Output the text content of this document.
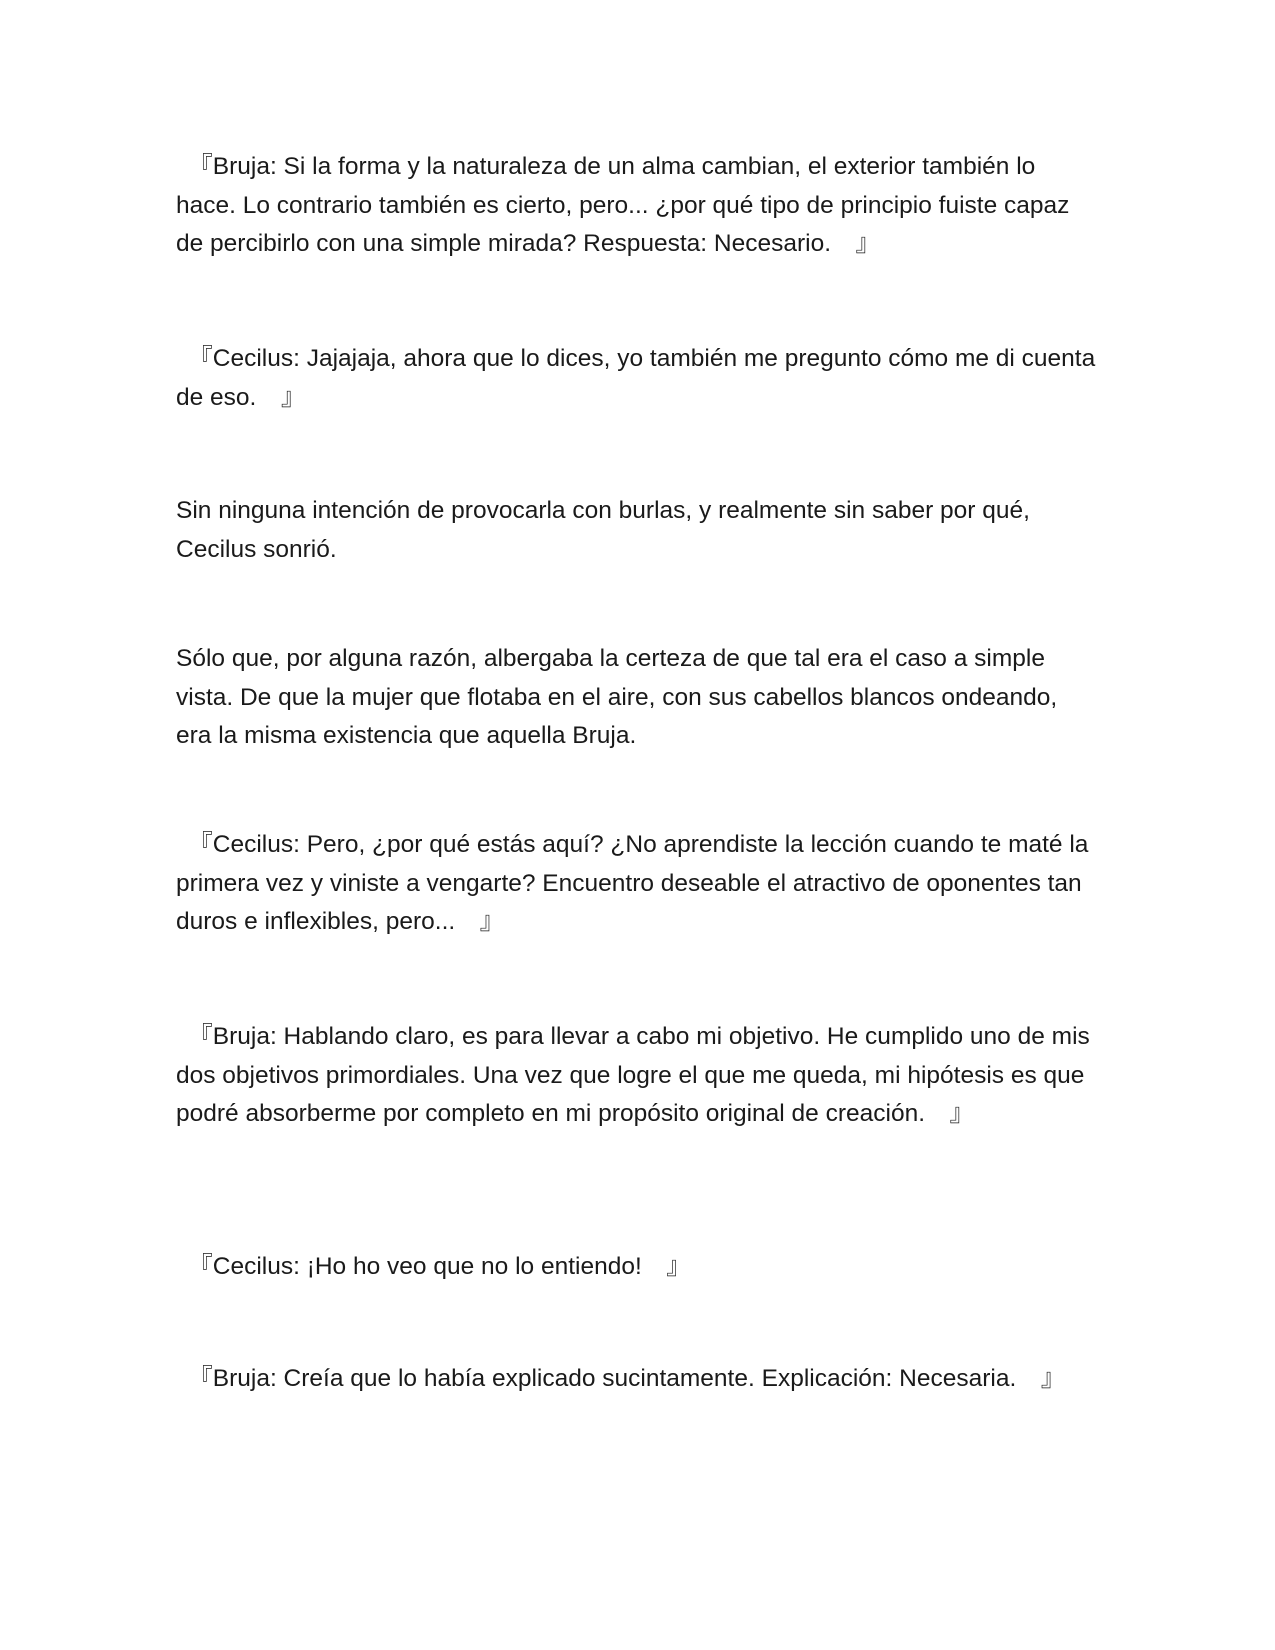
　『Bruja: Si la forma y la naturaleza de un alma cambian, el exterior también lo hace. Lo contrario también es cierto, pero... ¿por qué tipo de principio fuiste capaz de percibirlo con una simple mirada? Respuesta: Necesario.　』

　『Cecilus: Jajajaja, ahora que lo dices, yo también me pregunto cómo me di cuenta de eso.　』

Sin ninguna intención de provocarla con burlas, y realmente sin saber por qué, Cecilus sonrió.

Sólo que, por alguna razón, albergaba la certeza de que tal era el caso a simple vista. De que la mujer que flotaba en el aire, con sus cabellos blancos ondeando, era la misma existencia que aquella Bruja.

　『Cecilus: Pero, ¿por qué estás aquí? ¿No aprendiste la lección cuando te maté la primera vez y viniste a vengarte? Encuentro deseable el atractivo de oponentes tan duros e inflexibles, pero...　』

　『Bruja: Hablando claro, es para llevar a cabo mi objetivo. He cumplido uno de mis dos objetivos primordiales. Una vez que logre el que me queda, mi hipótesis es que podré absorberme por completo en mi propósito original de creación.　』

　『Cecilus: ¡Ho ho veo que no lo entiendo!　』

　『Bruja: Creía que lo había explicado sucintamente. Explicación: Necesaria.　』
